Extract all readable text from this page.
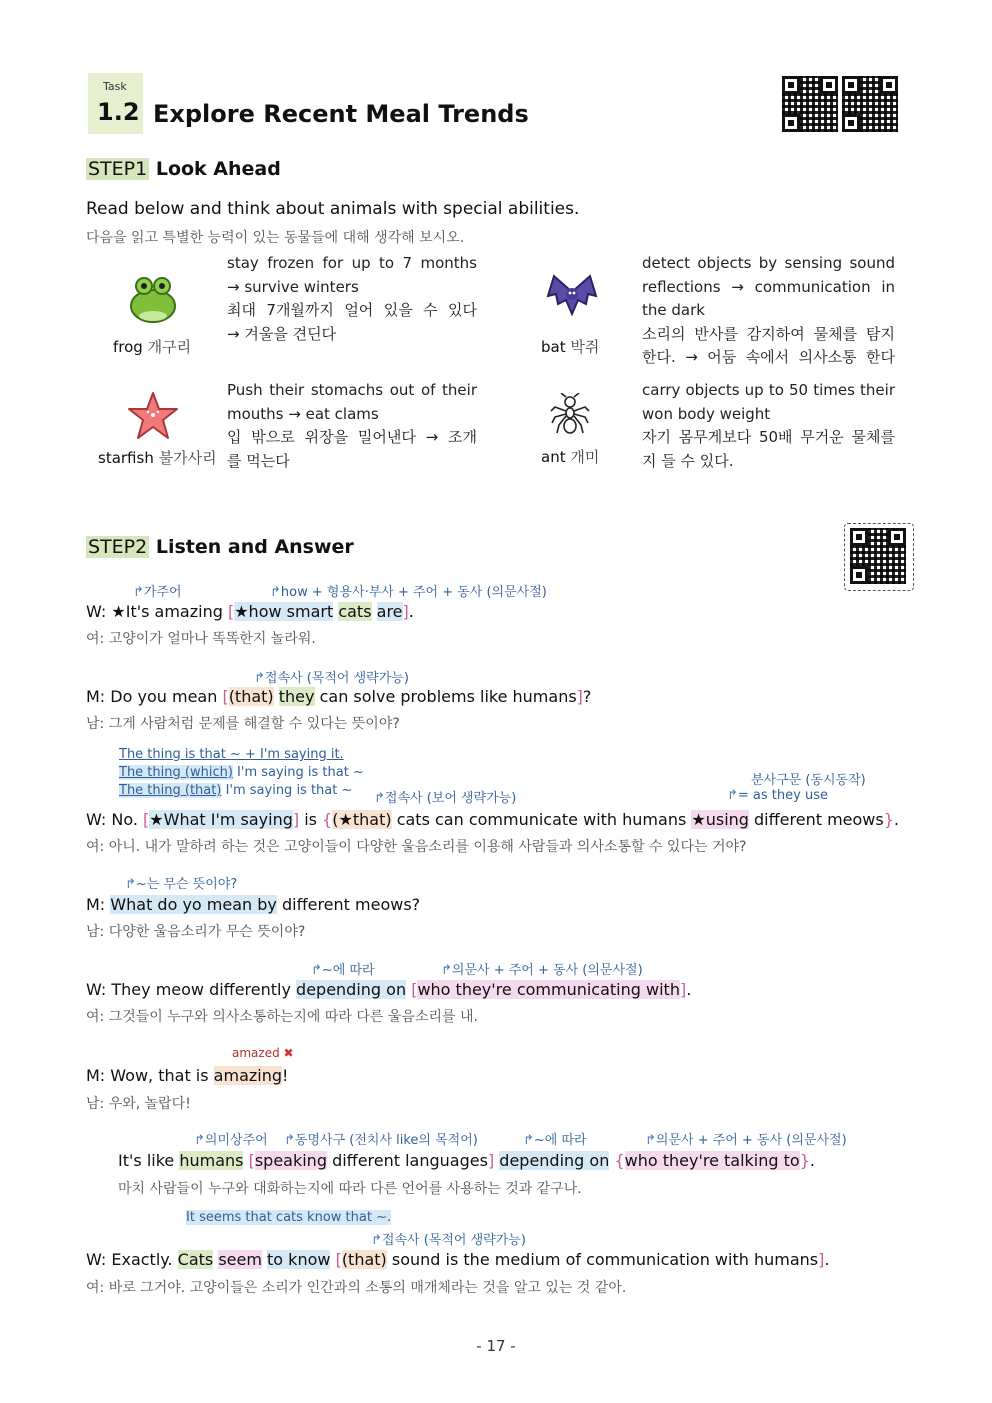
Task
1.2 Explore Recent Meal Trends
STEP1 Look Ahead
Read below and think about animals with special abilities.
다음을 읽고 특별한 능력이 있는 동물들에 대해 생각해 보시오.
frog 개구리
stay frozen for up to 7 months
→ survive winters
최대 7개월까지 얼어 있을 수 있다
→ 겨울을 견딘다
bat 박쥐
detect objects by sensing sound
reflections → communication in
the dark
소리의 반사를 감지하여 물체를 탐지
한다. → 어둠 속에서 의사소통 한다
starfish 불가사리
Push their stomachs out of their
mouths → eat clams
입 밖으로 위장을 밀어낸다 → 조개
를 먹는다	ant 개미
carry objects up to 50 times their
won body weight
자기 몸무게보다 50배 무거운 물체를
지 들 수 있다.
STEP2 Listen and Answer
↱가주어	↱how + 형용사·부사 + 주어 + 동사 (의문사절)
W: ★It's amazing [★how smart cats are].
여: 고양이가 얼마나 똑똑한지 놀라워.
↱접속사 (목적어 생략가능)
M: Do you mean [(that) they can solve problems like humans]?
남: 그게 사람처럼 문제를 해결할 수 있다는 뜻이야?
The thing is that ~ + I'm saying it.
The thing (which) I'm saying is that ~
The thing (that) I'm saying is that ~
↱접속사 (보어 생략가능)
분사구문 (동시동작)
↱= as they use
W: No. [★What I'm saying] is {(★that) cats can communicate with humans ★using different meows}.
여: 아니. 내가 말하려 하는 것은 고양이들이 다양한 울음소리를 이용해 사람들과 의사소통할 수 있다는 거야?
↱~는 무슨 뜻이야?
M: What do yo mean by different meows?
남: 다양한 울음소리가 무슨 뜻이야?
↱~에 따라	↱의문사 + 주어 + 동사 (의문사절)
W: They meow differently depending on [who they're communicating with].
여: 그것들이 누구와 의사소통하는지에 따라 다른 울음소리를 내.
amazed ✖
M: Wow, that is amazing!
남: 우와, 놀랍다!
↱의미상주어 ↱동명사구 (전치사 like의 목적어)	↱~에 따라	↱의문사 + 주어 + 동사 (의문사절)
It's like humans [speaking different languages] depending on {who they're talking to}.
마치 사람들이 누구와 대화하는지에 따라 다른 언어를 사용하는 것과 같구나.
It seems that cats know that ~.
↱접속사 (목적어 생략가능)
W: Exactly. Cats seem to know [(that) sound is the medium of communication with humans].
여: 바로 그거야. 고양이들은 소리가 인간과의 소통의 매개체라는 것을 알고 있는 것 같아.
- 17 -
